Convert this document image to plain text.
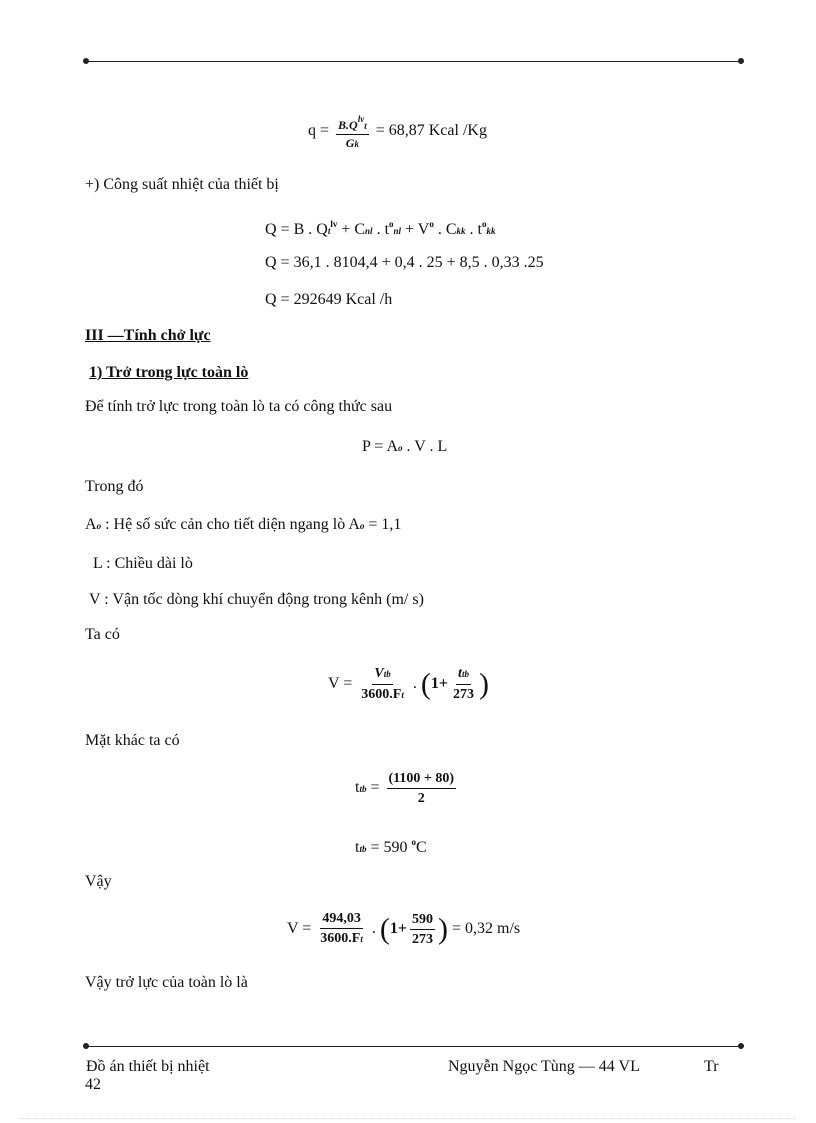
$q = \frac{B.Q^{lv}t}{Gk} = 68,87$ Kcal /Kg
+) Công suất nhiệt của thiết bị
Q = B . $Qt^{lv}$ + Cnl . $t^onl + V^o$ . Ckk . $t^okk$
Q = 36,1 . 8104,4 + 0,4 . 25 + 8,5 . 0,33 .25
Q = 292649 Kcal /h
III —Tính chở lực
1) Trở trong lực toàn lò
Để tính trở lực trong toàn lò ta có công thức sau
P = Ao . V . L
Trong đó
Ao : Hệ số sức cản cho tiết diện ngang lò Ao = 1,1
L : Chiều dài lò
V : Vận tốc dòng khí chuyển động trong kênh (m/ s)
Ta có
$V = \frac{\text{Vtb}}{3600.Ft}$ . ($1+ \frac{\text{ttb}}{273}$ )
Mặt khác ta có
ttb = $\frac{(1100 + 80)}{2}$
ttb = 590 $^o$C
Vậy
$V = \frac{494,03}{3600.Ft}$ . ($1+ \frac{590}{273}$ ) = 0,32 m/s
Vậy trở lực của toàn lò là
Đồ án thiết bị nhiệt	Nguyễn Ngọc Tùng — 44 VL	Tr
42
